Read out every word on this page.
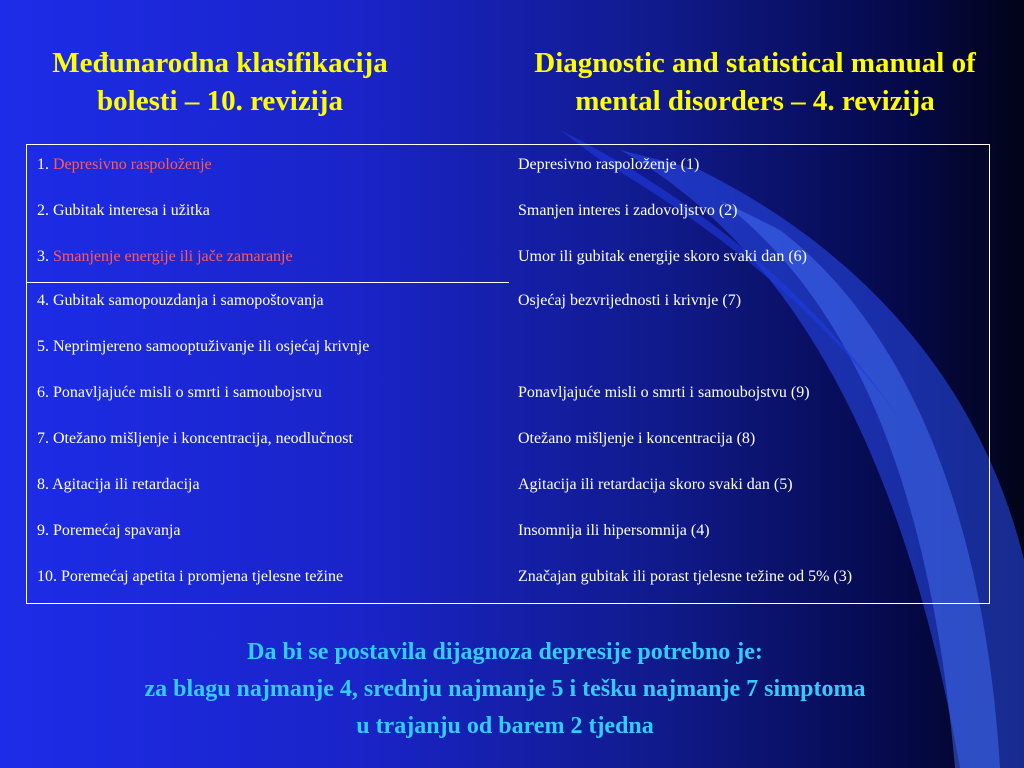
Međunarodna klasifikacija
bolesti – 10. revizija
Diagnostic and statistical manual of
mental disorders – 4. revizija
1. Depresivno raspoloženje	Depresivno raspoloženje (1)
2. Gubitak interesa i užitka	Smanjen interes i zadovoljstvo (2)
3. Smanjenje energije ili jače zamaranje	Umor ili gubitak energije skoro svaki dan (6)
4. Gubitak samopouzdanja i samopoštovanja	Osjećaj bezvrijednosti i krivnje (7)
5. Neprimjereno samooptuživanje ili osjećaj krivnje
6. Ponavljajuće misli o smrti i samoubojstvu	Ponavljajuće misli o smrti i samoubojstvu (9)
7. Otežano mišljenje i koncentracija, neodlučnost	Otežano mišljenje i koncentracija (8)
8. Agitacija ili retardacija	Agitacija ili retardacija skoro svaki dan (5)
9. Poremećaj spavanja	Insomnija ili hipersomnija (4)
10. Poremećaj apetita i promjena tjelesne težine	Značajan gubitak ili porast tjelesne težine od 5% (3)
Da bi se postavila dijagnoza depresije potrebno je:
za blagu najmanje 4, srednju najmanje 5 i tešku najmanje 7 simptoma
u trajanju od barem 2 tjedna
